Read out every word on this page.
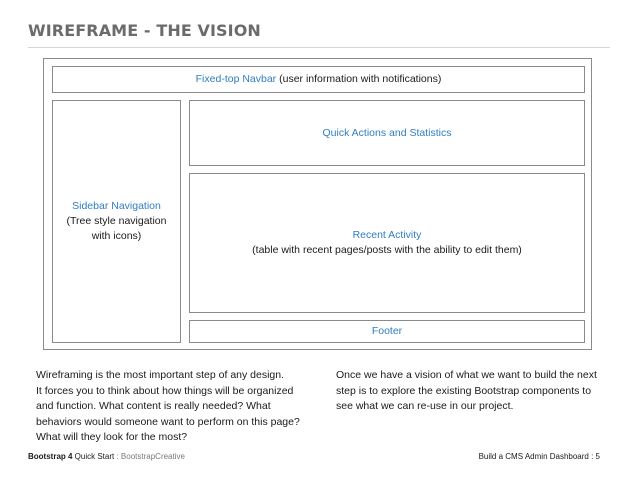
WIREFRAME - THE VISION
Fixed-top Navbar (user information with notifications)
Sidebar Navigation
(Tree style navigation
with icons)
Quick Actions and Statistics
Recent Activity
(table with recent pages/posts with the ability to edit them)
Footer
Wireframing is the most important step of any design.
It forces you to think about how things will be organized
and function. What content is really needed? What
behaviors would someone want to perform on this page?
What will they look for the most?
Once we have a vision of what we want to build the next
step is to explore the existing Bootstrap components to
see what we can re-use in our project.
Bootstrap 4 Quick Start : BootstrapCreative	Build a CMS Admin Dashboard : 5
